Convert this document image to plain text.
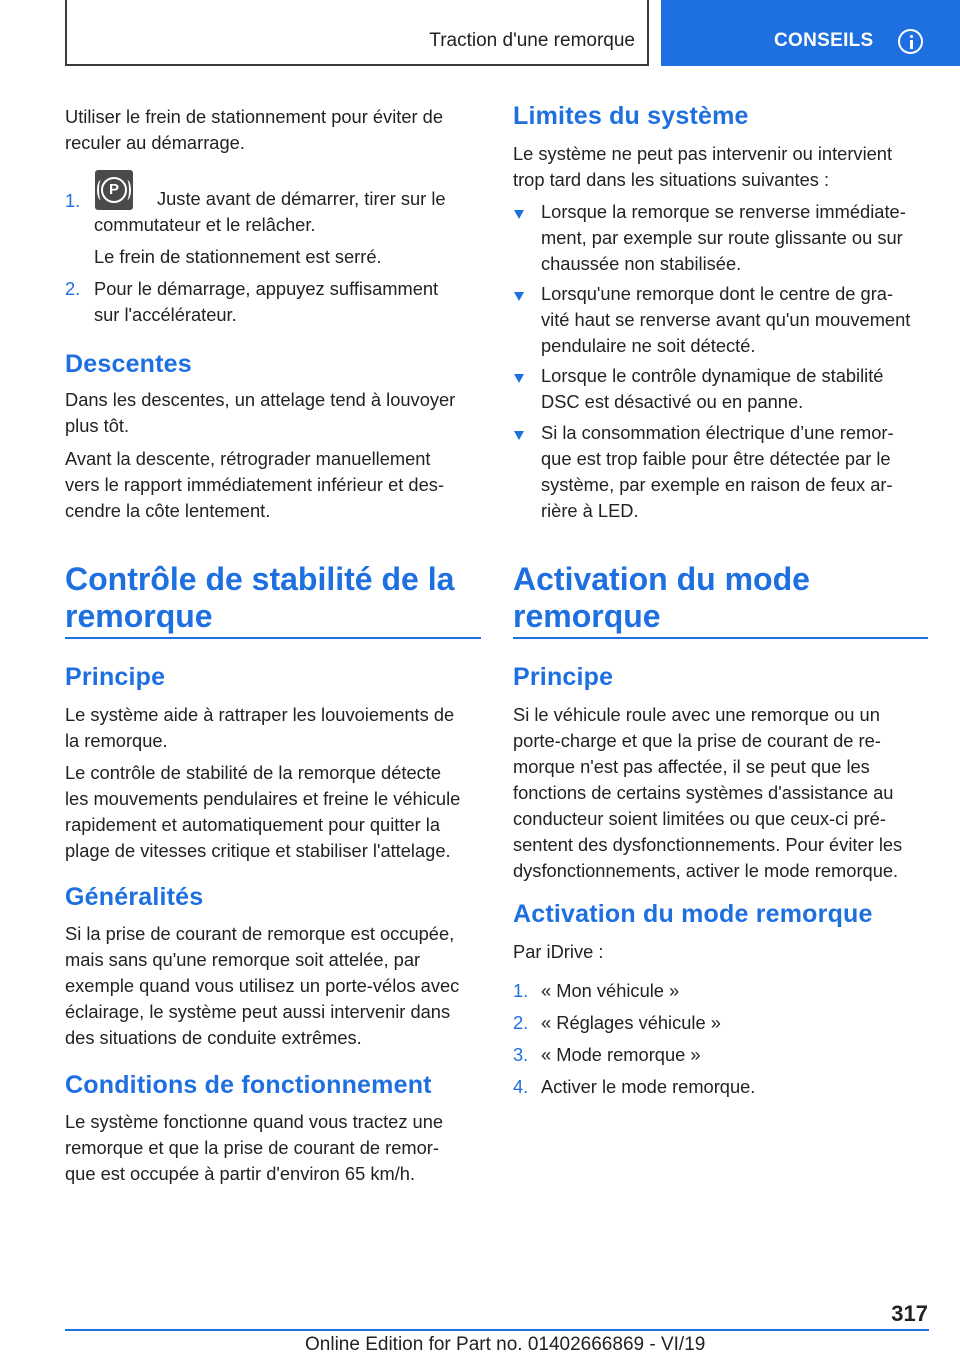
Traction d'une remorque	CONSEILS
Utiliser le frein de stationnement pour éviter de
reculer au démarrage.
1.
P	Juste avant de démarrer, tirer sur le
commutateur et le relâcher.
Le frein de stationnement est serré.
2. Pour le démarrage, appuyez suffisamment
sur l'accélérateur.
Descentes
Dans les descentes, un attelage tend à louvoyer
plus tôt.
Avant la descente, rétrograder manuellement
vers le rapport immédiatement inférieur et des-
cendre la côte lentement.
Contrôle de stabilité de la
remorque
Principe
Le système aide à rattraper les louvoiements de
la remorque.
Le contrôle de stabilité de la remorque détecte
les mouvements pendulaires et freine le véhicule
rapidement et automatiquement pour quitter la
plage de vitesses critique et stabiliser l'attelage.
Généralités
Si la prise de courant de remorque est occupée,
mais sans qu'une remorque soit attelée, par
exemple quand vous utilisez un porte-vélos avec
éclairage, le système peut aussi intervenir dans
des situations de conduite extrêmes.
Conditions de fonctionnement
Le système fonctionne quand vous tractez une
remorque et que la prise de courant de remor-
que est occupée à partir d'environ 65 km/h.
Limites du système
Le système ne peut pas intervenir ou intervient
trop tard dans les situations suivantes :
Lorsque la remorque se renverse immédiate-
ment, par exemple sur route glissante ou sur
chaussée non stabilisée.
Lorsqu'une remorque dont le centre de gra-
vité haut se renverse avant qu'un mouvement
pendulaire ne soit détecté.
Lorsque le contrôle dynamique de stabilité
DSC est désactivé ou en panne.
Si la consommation électrique d’une remor-
que est trop faible pour être détectée par le
système, par exemple en raison de feux ar-
rière à LED.
Activation du mode
remorque
Principe
Si le véhicule roule avec une remorque ou un
porte-charge et que la prise de courant de re-
morque n'est pas affectée, il se peut que les
fonctions de certains systèmes d'assistance au
conducteur soient limitées ou que ceux-ci pré-
sentent des dysfonctionnements. Pour éviter les
dysfonctionnements, activer le mode remorque.
Activation du mode remorque
Par iDrive :
1. « Mon véhicule »
2. « Réglages véhicule »
3. « Mode remorque »
4. Activer le mode remorque.
317
Online Edition for Part no. 01402666869 - VI/19
